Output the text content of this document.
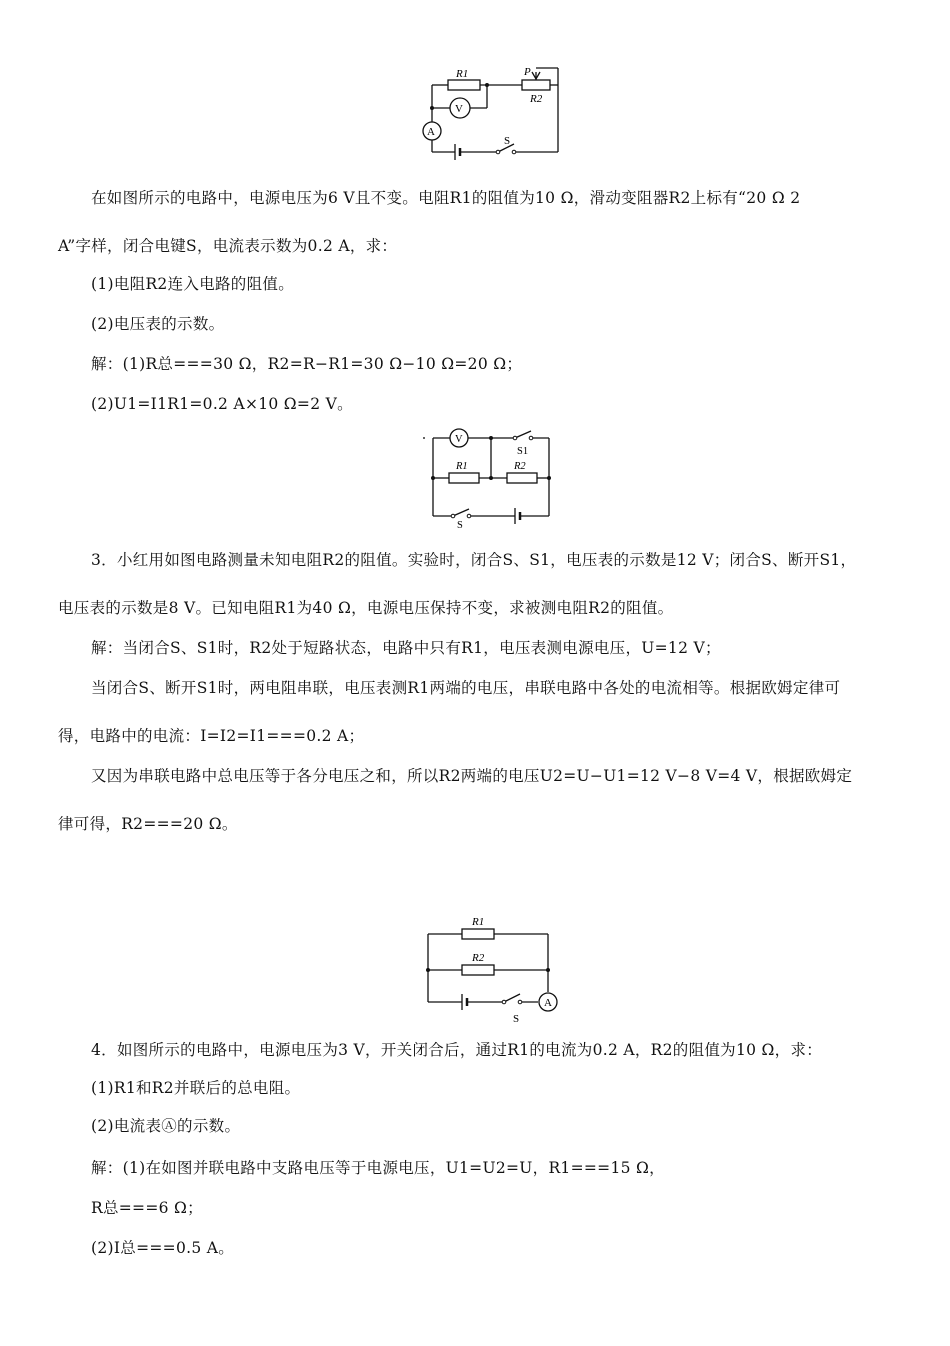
R1	P
R2
V
A
S
在如图所示的电路中，电源电压为6 V且不变。电阻R1的阻值为10 Ω，滑动变阻器R2上标有“20 Ω 2
A”字样，闭合电键S，电流表示数为0.2 A，求：
(1)电阻R2连入电路的阻值。
(2)电压表的示数。
解：(1)R总===30 Ω，R2=R−R1=30 Ω−10 Ω=20 Ω；
(2)U1=I1R1=0.2 A×10 Ω=2 V。
V
S1
R1	R2
S
3．小红用如图电路测量未知电阻R2的阻值。实验时，闭合S、S1，电压表的示数是12 V；闭合S、断开S1，
电压表的示数是8 V。已知电阻R1为40 Ω，电源电压保持不变，求被测电阻R2的阻值。
解：当闭合S、S1时，R2处于短路状态，电路中只有R1，电压表测电源电压，U=12 V；
当闭合S、断开S1时，两电阻串联，电压表测R1两端的电压，串联电路中各处的电流相等。根据欧姆定律可
得，电路中的电流：I=I2=I1===0.2 A；
又因为串联电路中总电压等于各分电压之和，所以R2两端的电压U2=U−U1=12 V−8 V=4 V，根据欧姆定
律可得，R2===20 Ω。
R1
R2
A
S
4．如图所示的电路中，电源电压为3 V，开关闭合后，通过R1的电流为0.2 A，R2的阻值为10 Ω，求：
(1)R1和R2并联后的总电阻。
(2)电流表Ⓐ的示数。
解：(1)在如图并联电路中支路电压等于电源电压，U1=U2=U，R1===15 Ω，
R总===6 Ω；
(2)I总===0.5 A。
